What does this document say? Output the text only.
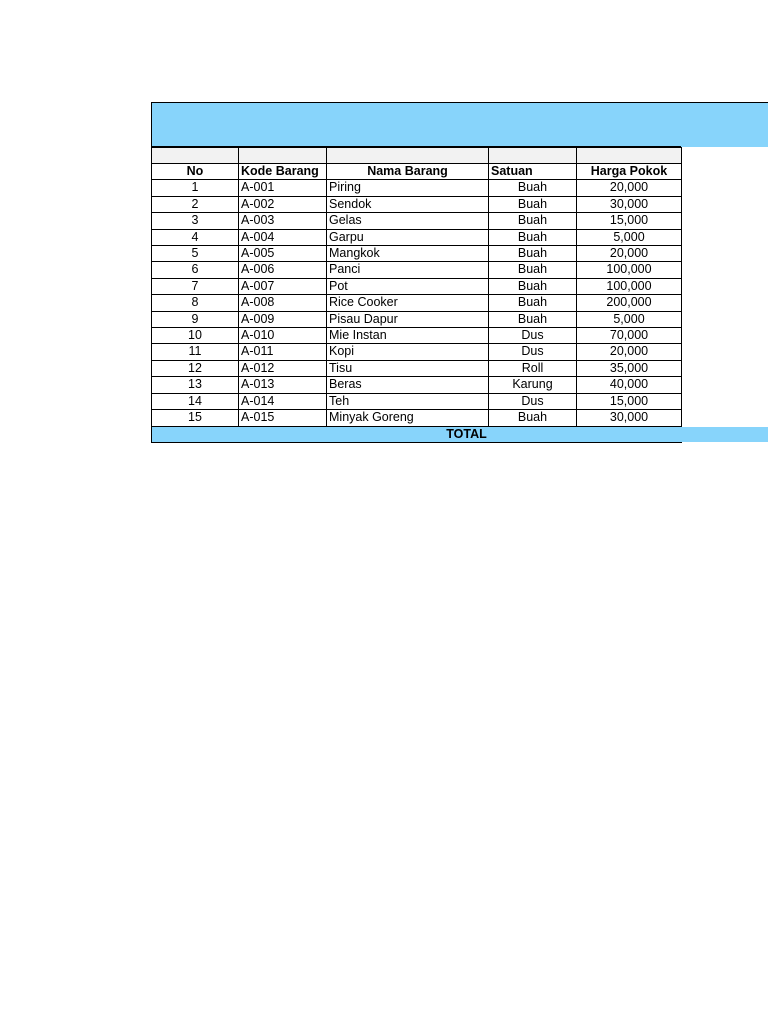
No	Kode Barang	Nama Barang	Satuan	Harga Pokok
1	A-001	Piring	Buah	20,000
2	A-002	Sendok	Buah	30,000
3	A-003	Gelas	Buah	15,000
4	A-004	Garpu	Buah	5,000
5	A-005	Mangkok	Buah	20,000
6	A-006	Panci	Buah	100,000
7	A-007	Pot	Buah	100,000
8	A-008	Rice Cooker	Buah	200,000
9	A-009	Pisau Dapur	Buah	5,000
10	A-010	Mie Instan	Dus	70,000
11	A-011	Kopi	Dus	20,000
12	A-012	Tisu	Roll	35,000
13	A-013	Beras	Karung	40,000
14	A-014	Teh	Dus	15,000
15	A-015	Minyak Goreng	Buah	30,000
TOTAL
